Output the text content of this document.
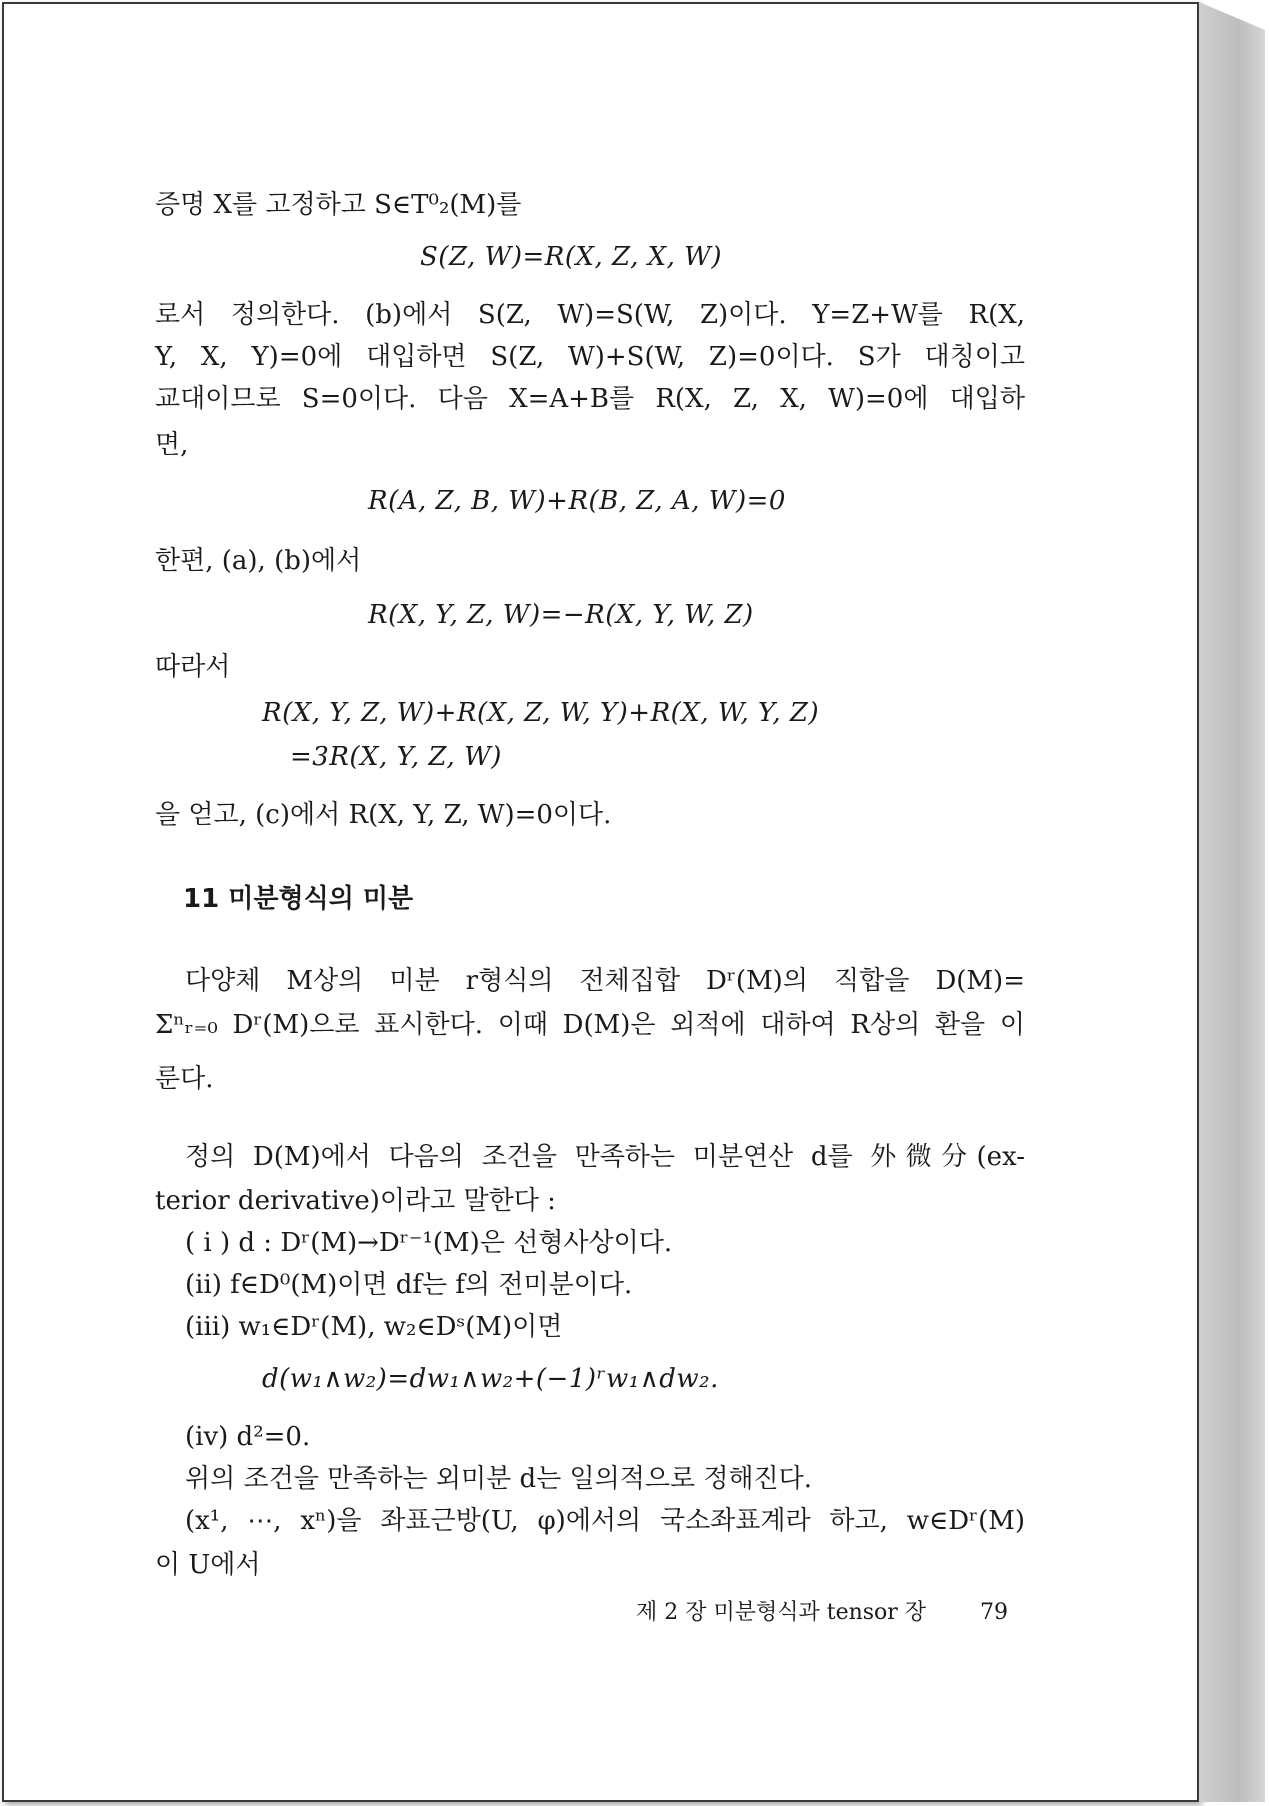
증명 X를 고정하고 S∈T⁰₂(M)를
S(Z, W)=R(X, Z, X, W)
로서 정의한다. (b)에서 S(Z, W)=S(W, Z)이다. Y=Z+W를 R(X,
Y, X, Y)=0에 대입하면 S(Z, W)+S(W, Z)=0이다. S가 대칭이고
교대이므로 S=0이다. 다음 X=A+B를 R(X, Z, X, W)=0에 대입하
면,
R(A, Z, B, W)+R(B, Z, A, W)=0
한편, (a), (b)에서
R(X, Y, Z, W)=−R(X, Y, W, Z)
따라서
R(X, Y, Z, W)+R(X, Z, W, Y)+R(X, W, Y, Z)
=3R(X, Y, Z, W)
을 얻고, (c)에서 R(X, Y, Z, W)=0이다.
11 미분형식의 미분
다양체 M상의 미분 r형식의 전체집합 Dʳ(M)의 직합을 D(M)=
Σⁿᵣ₌₀ Dʳ(M)으로 표시한다. 이때 D(M)은 외적에 대하여 R상의 환을 이
룬다.
정의 D(M)에서 다음의 조건을 만족하는 미분연산 d를 外微分(ex-
terior derivative)이라고 말한다 :
( i ) d : Dʳ(M)→Dʳ⁻¹(M)은 선형사상이다.
(ii) f∈D⁰(M)이면 df는 f의 전미분이다.
(iii) w₁∈Dʳ(M), w₂∈Dˢ(M)이면
d(w₁∧w₂)=dw₁∧w₂+(−1)ʳw₁∧dw₂.
(iv) d²=0.
위의 조건을 만족하는 외미분 d는 일의적으로 정해진다.
(x¹, ⋯, xⁿ)을 좌표근방(U, φ)에서의 국소좌표계라 하고, w∈Dʳ(M)
이 U에서
제 2 장 미분형식과 tensor 장 79
